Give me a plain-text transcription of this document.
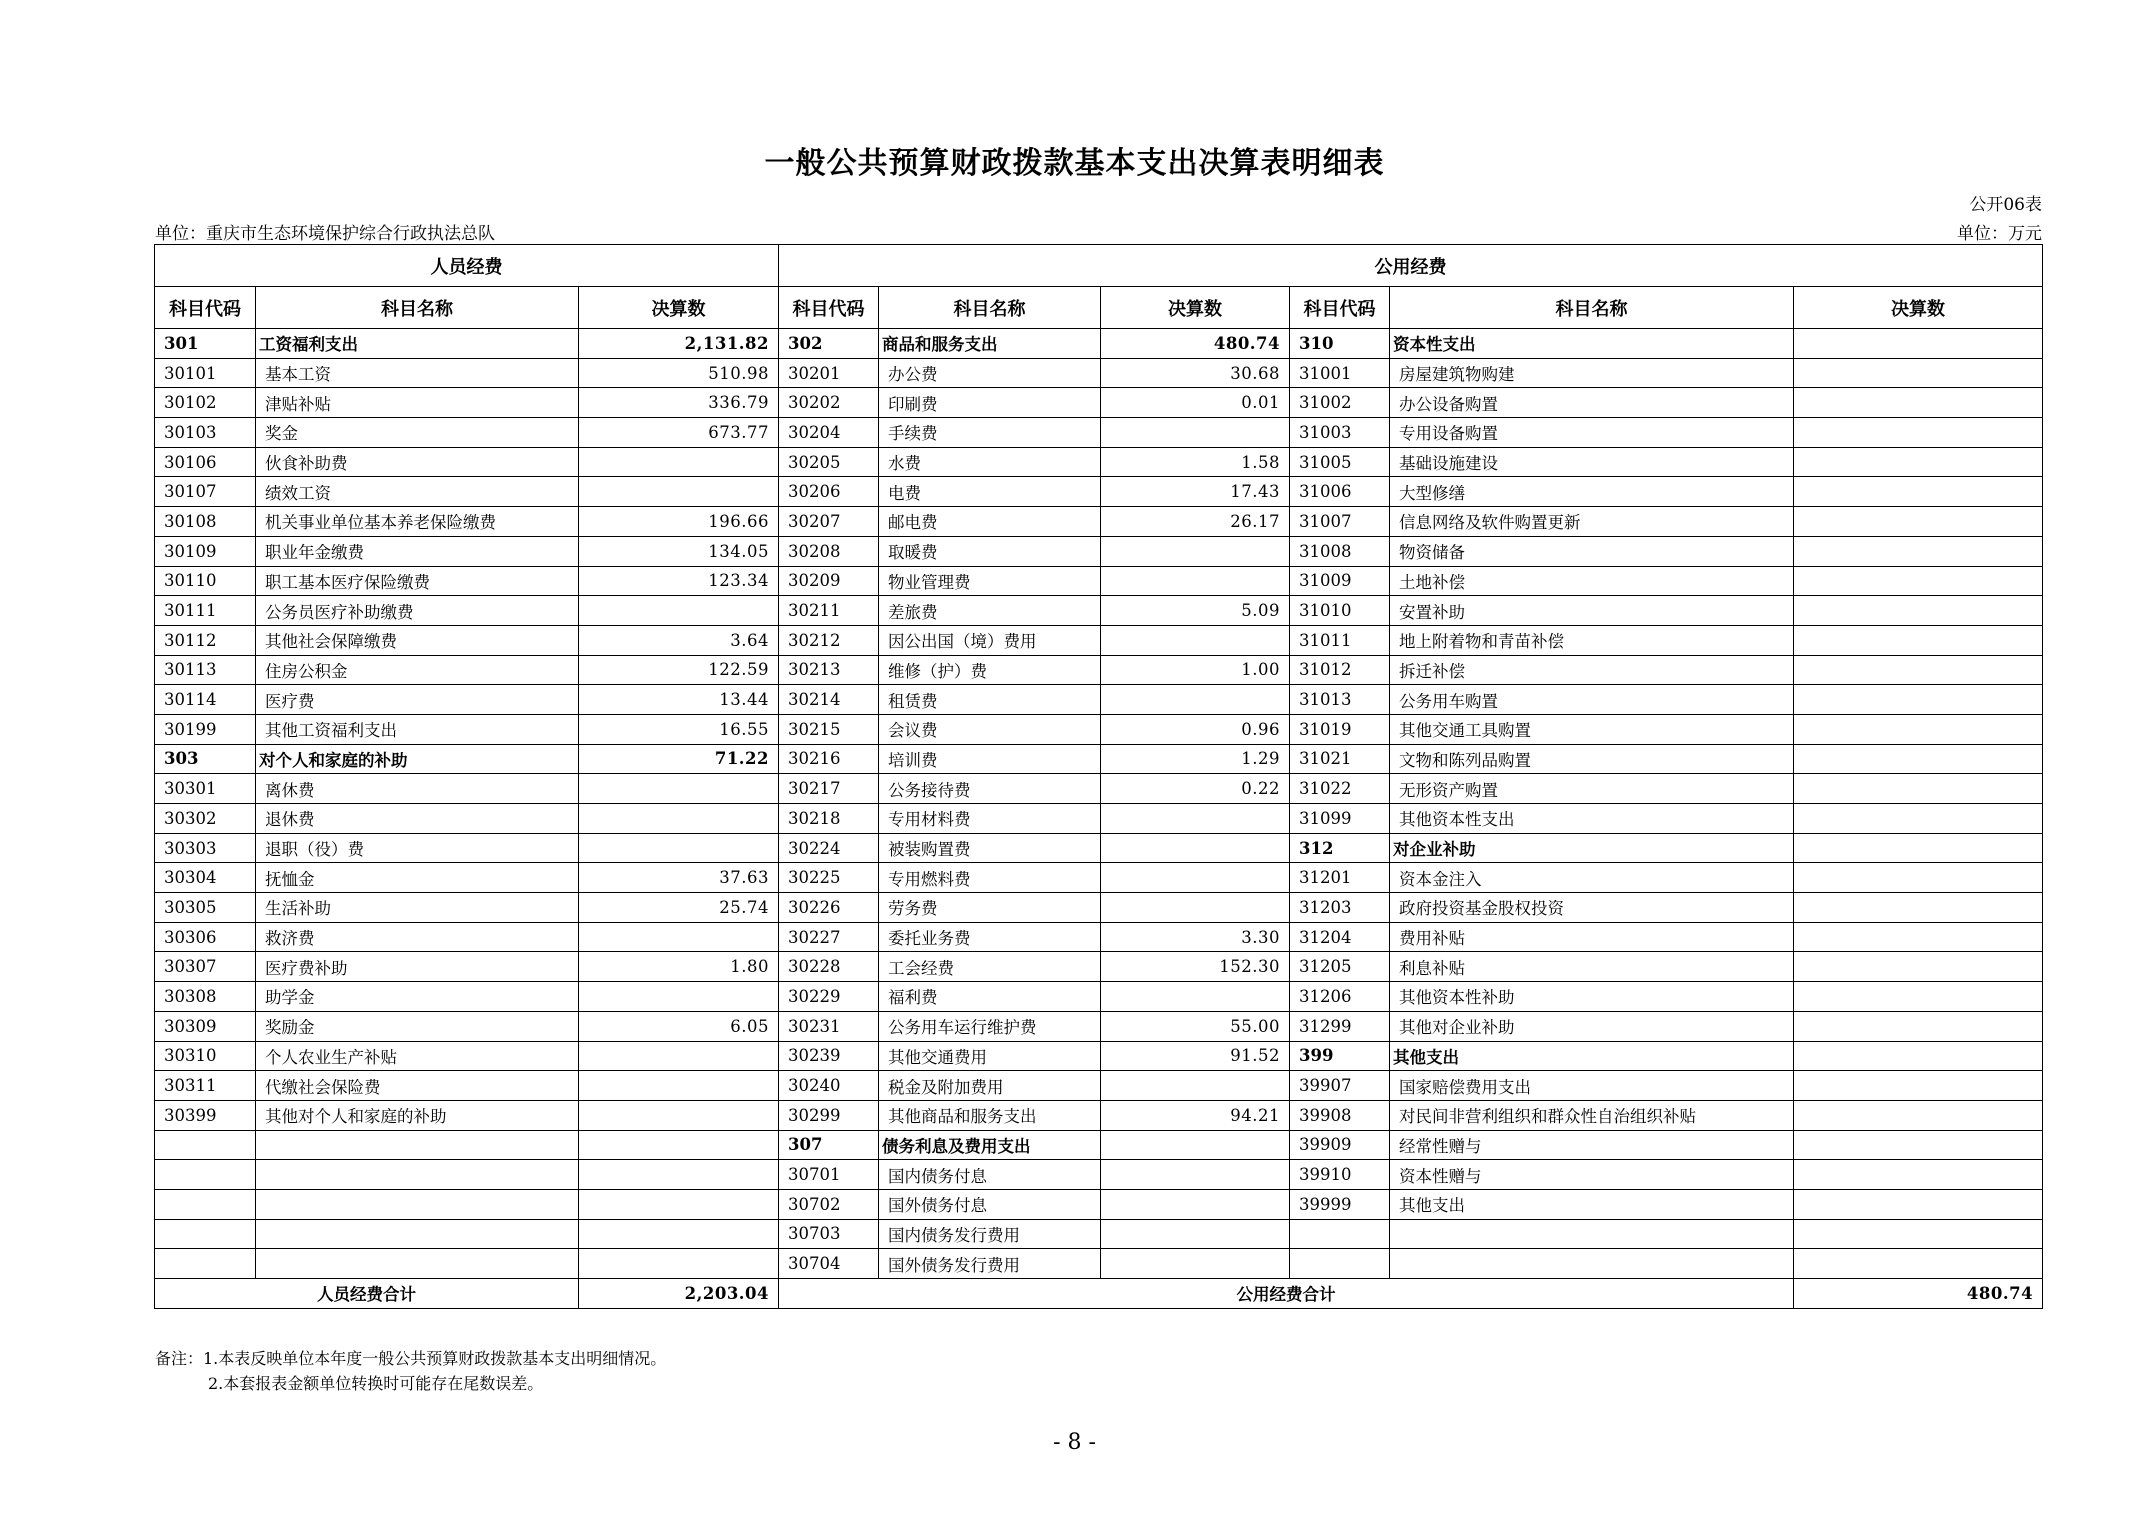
一般公共预算财政拨款基本支出决算表明细表
公开06表
单位：重庆市生态环境保护综合行政执法总队	单位：万元
人员经费			公用经费					
科目代码	科目名称	决算数	科目代码	科目名称	决算数	科目代码	科目名称	决算数
301	工资福利支出	2,131.82	302	商品和服务支出	480.74	310	资本性支出	
30101	基本工资	510.98	30201	办公费	30.68	31001	房屋建筑物购建	
30102	津贴补贴	336.79	30202	印刷费	0.01	31002	办公设备购置	
30103	奖金	673.77	30204	手续费		31003	专用设备购置	
30106	伙食补助费		30205	水费	1.58	31005	基础设施建设	
30107	绩效工资		30206	电费	17.43	31006	大型修缮	
30108	机关事业单位基本养老保险缴费	196.66	30207	邮电费	26.17	31007	信息网络及软件购置更新	
30109	职业年金缴费	134.05	30208	取暖费		31008	物资储备	
30110	职工基本医疗保险缴费	123.34	30209	物业管理费		31009	土地补偿	
30111	公务员医疗补助缴费		30211	差旅费	5.09	31010	安置补助	
30112	其他社会保障缴费	3.64	30212	因公出国（境）费用		31011	地上附着物和青苗补偿	
30113	住房公积金	122.59	30213	维修（护）费	1.00	31012	拆迁补偿	
30114	医疗费	13.44	30214	租赁费		31013	公务用车购置	
30199	其他工资福利支出	16.55	30215	会议费	0.96	31019	其他交通工具购置	
303	对个人和家庭的补助	71.22	30216	培训费	1.29	31021	文物和陈列品购置	
30301	离休费		30217	公务接待费	0.22	31022	无形资产购置	
30302	退休费		30218	专用材料费		31099	其他资本性支出	
30303	退职（役）费		30224	被装购置费		312	对企业补助	
30304	抚恤金	37.63	30225	专用燃料费		31201	资本金注入	
30305	生活补助	25.74	30226	劳务费		31203	政府投资基金股权投资	
30306	救济费		30227	委托业务费	3.30	31204	费用补贴	
30307	医疗费补助	1.80	30228	工会经费	152.30	31205	利息补贴	
30308	助学金		30229	福利费		31206	其他资本性补助	
30309	奖励金	6.05	30231	公务用车运行维护费	55.00	31299	其他对企业补助	
30310	个人农业生产补贴		30239	其他交通费用	91.52	399	其他支出	
30311	代缴社会保险费		30240	税金及附加费用		39907	国家赔偿费用支出	
30399	其他对个人和家庭的补助		30299	其他商品和服务支出	94.21	39908	对民间非营利组织和群众性自治组织补贴	
			307	债务利息及费用支出		39909	经常性赠与	
			30701	国内债务付息		39910	资本性赠与	
			30702	国外债务付息		39999	其他支出	
			30703	国内债务发行费用				
			30704	国外债务发行费用				
人员经费合计		2,203.04	公用经费合计					480.74
备注：1.本表反映单位本年度一般公共预算财政拨款基本支出明细情况。
2.本套报表金额单位转换时可能存在尾数误差。
- 8 -
